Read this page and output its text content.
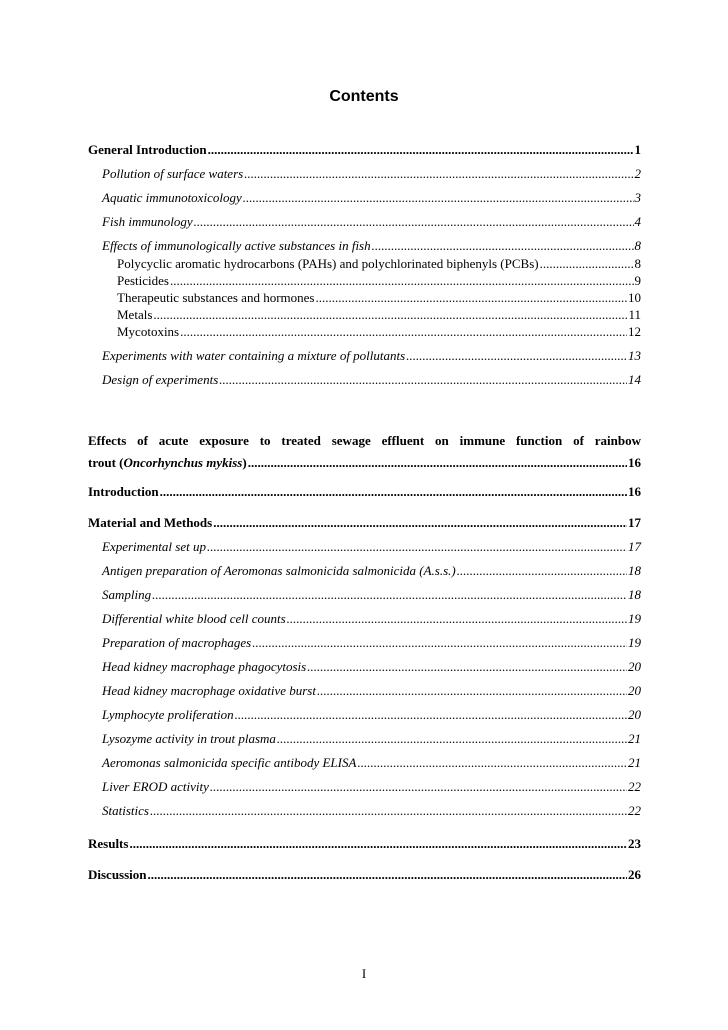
Contents
General Introduction .....	1
Pollution of surface waters .....	2
Aquatic immunotoxicology .....	3
Fish immunology .....	4
Effects of immunologically active substances in fish .....	8
Polycyclic aromatic hydrocarbons (PAHs) and polychlorinated biphenyls (PCBs) .....	8
Pesticides .....	9
Therapeutic substances and hormones .....	10
Metals .....	11
Mycotoxins .....	12
Experiments with water containing a mixture of pollutants .....	13
Design of experiments .....	14
Effects of acute exposure to treated sewage effluent on immune function of rainbow
trout ( Oncorhynchus mykiss ) .....	16
Introduction .....	16
Material and Methods .....	17
Experimental set up .....	17
Antigen preparation of Aeromonas salmonicida salmonicida (A.s.s.) .....	18
Sampling .....	18
Differential white blood cell counts .....	19
Preparation of macrophages .....	19
Head kidney macrophage phagocytosis .....	20
Head kidney macrophage oxidative burst .....	20
Lymphocyte proliferation .....	20
Lysozyme activity in trout plasma .....	21
Aeromonas salmonicida specific antibody ELISA .....	21
Liver EROD activity .....	22
Statistics .....	22
Results .....	23
Discussion .....	26
I
